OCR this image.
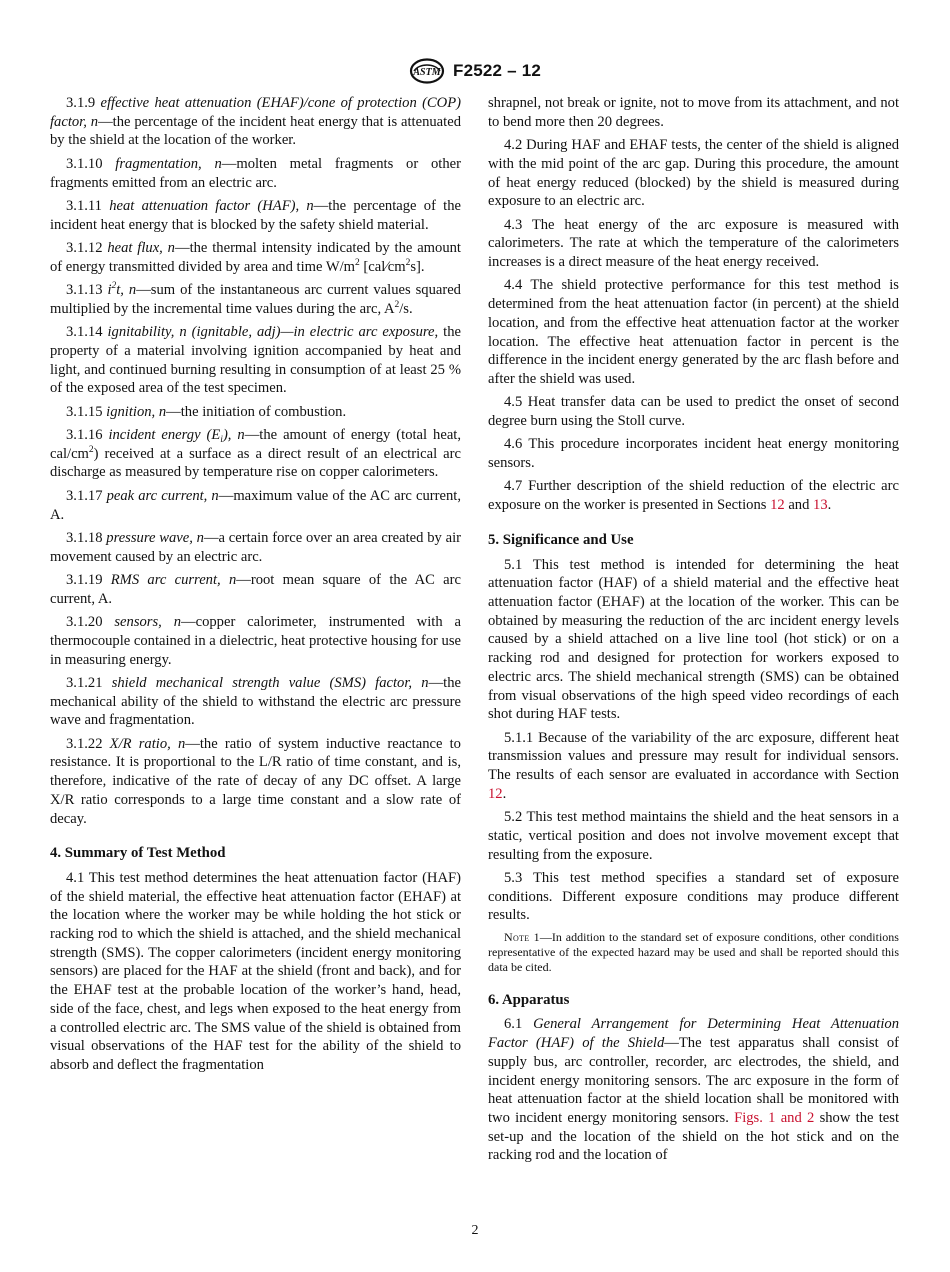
ASTM F2522 – 12

3.1.9 effective heat attenuation (EHAF)/cone of protection (COP) factor, n—the percentage of the incident heat energy that is attenuated by the shield at the location of the worker.

3.1.10 fragmentation, n—molten metal fragments or other fragments emitted from an electric arc.

3.1.11 heat attenuation factor (HAF), n—the percentage of the incident heat energy that is blocked by the safety shield material.

3.1.12 heat flux, n—the thermal intensity indicated by the amount of energy transmitted divided by area and time $W/m^2$ $[cal⁄cm^2s]$.

3.1.13 $i^2t$, n—sum of the instantaneous arc current values squared multiplied by the incremental time values during the arc, $A^2/s$.

3.1.14 ignitability, n (ignitable, adj)—in electric arc exposure, the property of a material involving ignition accompanied by heat and light, and continued burning resulting in consumption of at least 25 % of the exposed area of the test specimen.

3.1.15 ignition, n—the initiation of combustion.

3.1.16 incident energy $(E_i)$, n—the amount of energy (total heat, cal/$cm^2$) received at a surface as a direct result of an electrical arc discharge as measured by temperature rise on copper calorimeters.

3.1.17 peak arc current, n—maximum value of the AC arc current, A.

3.1.18 pressure wave, n—a certain force over an area created by air movement caused by an electric arc.

3.1.19 RMS arc current, n—root mean square of the AC arc current, A.

3.1.20 sensors, n—copper calorimeter, instrumented with a thermocouple contained in a dielectric, heat protective housing for use in measuring energy.

3.1.21 shield mechanical strength value (SMS) factor, n—the mechanical ability of the shield to withstand the electric arc pressure wave and fragmentation.

3.1.22 X/R ratio, n—the ratio of system inductive reactance to resistance. It is proportional to the L/R ratio of time constant, and is, therefore, indicative of the rate of decay of any DC offset. A large X/R ratio corresponds to a large time constant and a slow rate of decay.

4. Summary of Test Method

4.1 This test method determines the heat attenuation factor (HAF) of the shield material, the effective heat attenuation factor (EHAF) at the location where the worker may be while holding the hot stick or racking rod to which the shield is attached, and the shield mechanical strength (SMS). The copper calorimeters (incident energy monitoring sensors) are placed for the HAF at the shield (front and back), and for the EHAF test at the probable location of the worker’s hand, head, side of the face, chest, and legs when exposed to the heat energy from a controlled electric arc. The SMS value of the shield is obtained from visual observations of the HAF test for the ability of the shield to absorb and deflect the fragmentation

shrapnel, not break or ignite, not to move from its attachment, and not to bend more then 20 degrees.

4.2 During HAF and EHAF tests, the center of the shield is aligned with the mid point of the arc gap. During this procedure, the amount of heat energy reduced (blocked) by the shield is measured during exposure to an electric arc.

4.3 The heat energy of the arc exposure is measured with calorimeters. The rate at which the temperature of the calorimeters increases is a direct measure of the heat energy received.

4.4 The shield protective performance for this test method is determined from the heat attenuation factor (in percent) at the shield location, and from the effective heat attenuation factor at the worker location. The effective heat attenuation factor in percent is the difference in the incident energy generated by the arc flash before and after the shield was used.

4.5 Heat transfer data can be used to predict the onset of second degree burn using the Stoll curve.

4.6 This procedure incorporates incident heat energy monitoring sensors.

4.7 Further description of the shield reduction of the electric arc exposure on the worker is presented in Sections 12 and 13.

5. Significance and Use

5.1 This test method is intended for determining the heat attenuation factor (HAF) of a shield material and the effective heat attenuation factor (EHAF) at the location of the worker. This can be obtained by measuring the reduction of the arc incident energy levels caused by a shield attached on a live line tool (hot stick) or on a racking rod and designed for protection for workers exposed to electric arcs. The shield mechanical strength (SMS) can be obtained from visual observations of the high speed video recordings of each shot during HAF tests.

5.1.1 Because of the variability of the arc exposure, different heat transmission values and pressure may result for individual sensors. The results of each sensor are evaluated in accordance with Section 12.

5.2 This test method maintains the shield and the heat sensors in a static, vertical position and does not involve movement except that resulting from the exposure.

5.3 This test method specifies a standard set of exposure conditions. Different exposure conditions may produce different results.

Note 1—In addition to the standard set of exposure conditions, other conditions representative of the expected hazard may be used and shall be reported should this data be cited.

6. Apparatus

6.1 General Arrangement for Determining Heat Attenuation Factor (HAF) of the Shield—The test apparatus shall consist of supply bus, arc controller, recorder, arc electrodes, the shield, and incident energy monitoring sensors. The arc exposure in the form of heat attenuation factor at the shield location shall be monitored with two incident energy monitoring sensors. Figs. 1 and 2 show the test set-up and the location of the shield on the hot stick and on the racking rod and the location of

2
